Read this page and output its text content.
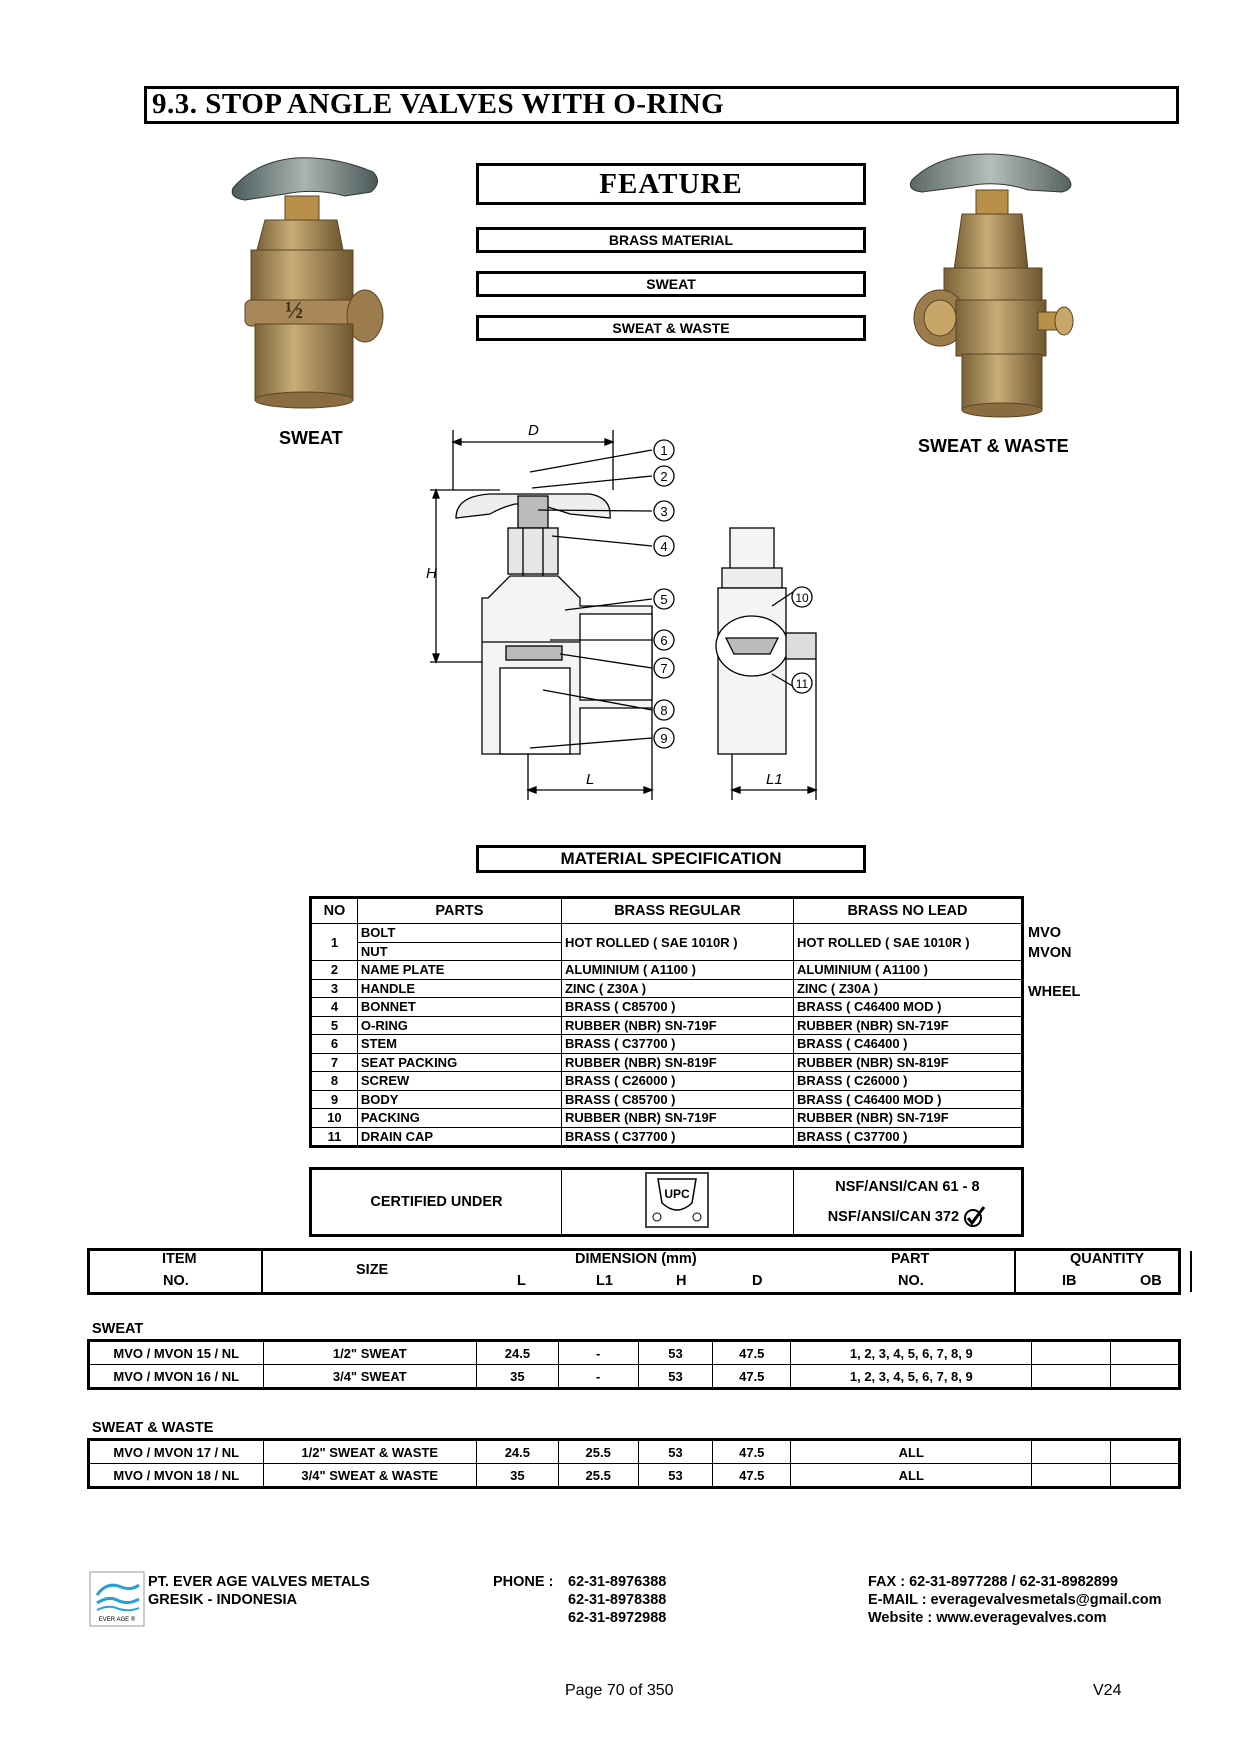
9.3. STOP ANGLE VALVES WITH O-RING
½
SWEAT	SWEAT & WASTE
FEATURE
BRASS MATERIAL
SWEAT
SWEAT & WASTE
1
2
3
4
5
6
7
8
9
10
11
D
H
L	L1
MATERIAL SPECIFICATION
NO	PARTS	BRASS REGULAR	BRASS NO LEAD
1	BOLT	HOT ROLLED ( SAE 1010R )	HOT ROLLED ( SAE 1010R )
	NUT		
2	NAME PLATE	ALUMINIUM ( A1100 )	ALUMINIUM ( A1100 )
3	HANDLE	ZINC ( Z30A )	ZINC ( Z30A )
4	BONNET	BRASS ( C85700 )	BRASS ( C46400 MOD )
5	O-RING	RUBBER (NBR) SN-719F	RUBBER (NBR) SN-719F
6	STEM	BRASS ( C37700 )	BRASS ( C46400 )
7	SEAT PACKING	RUBBER (NBR) SN-819F	RUBBER (NBR) SN-819F
8	SCREW	BRASS ( C26000 )	BRASS ( C26000 )
9	BODY	BRASS ( C85700 )	BRASS ( C46400 MOD )
10	PACKING	RUBBER (NBR) SN-719F	RUBBER (NBR) SN-719F
11	DRAIN CAP	BRASS ( C37700 )	BRASS ( C37700 )
MVO
MVON
WHEEL
CERTIFIED UNDER	UPC	NSF/ANSI/CAN 61 - 8
NSF/ANSI/CAN 372
ITEM
NO.
SIZE
DIMENSION (mm)
L	L1	H	D
PART
NO.
QUANTITY
IB	OB
SWEAT
MVO / MVON 15 / NL	1/2" SWEAT	24.5	-	53	47.5	1, 2, 3, 4, 5, 6, 7, 8, 9		
MVO / MVON 16 / NL	3/4" SWEAT	35	-	53	47.5	1, 2, 3, 4, 5, 6, 7, 8, 9		
SWEAT & WASTE
MVO / MVON 17 / NL	1/2" SWEAT & WASTE	24.5	25.5	53	47.5	ALL		
MVO / MVON 18 / NL	3/4" SWEAT & WASTE	35	25.5	53	47.5	ALL		
EVER AGE ®
PT. EVER AGE VALVES METALS
GRESIK - INDONESIA
PHONE : 62-31-8976388
62-31-8978388
62-31-8972988
FAX : 62-31-8977288 / 62-31-8982899
E-MAIL : everagevalvesmetals@gmail.com
Website : www.everagevalves.com
Page 70 of 350	V24
